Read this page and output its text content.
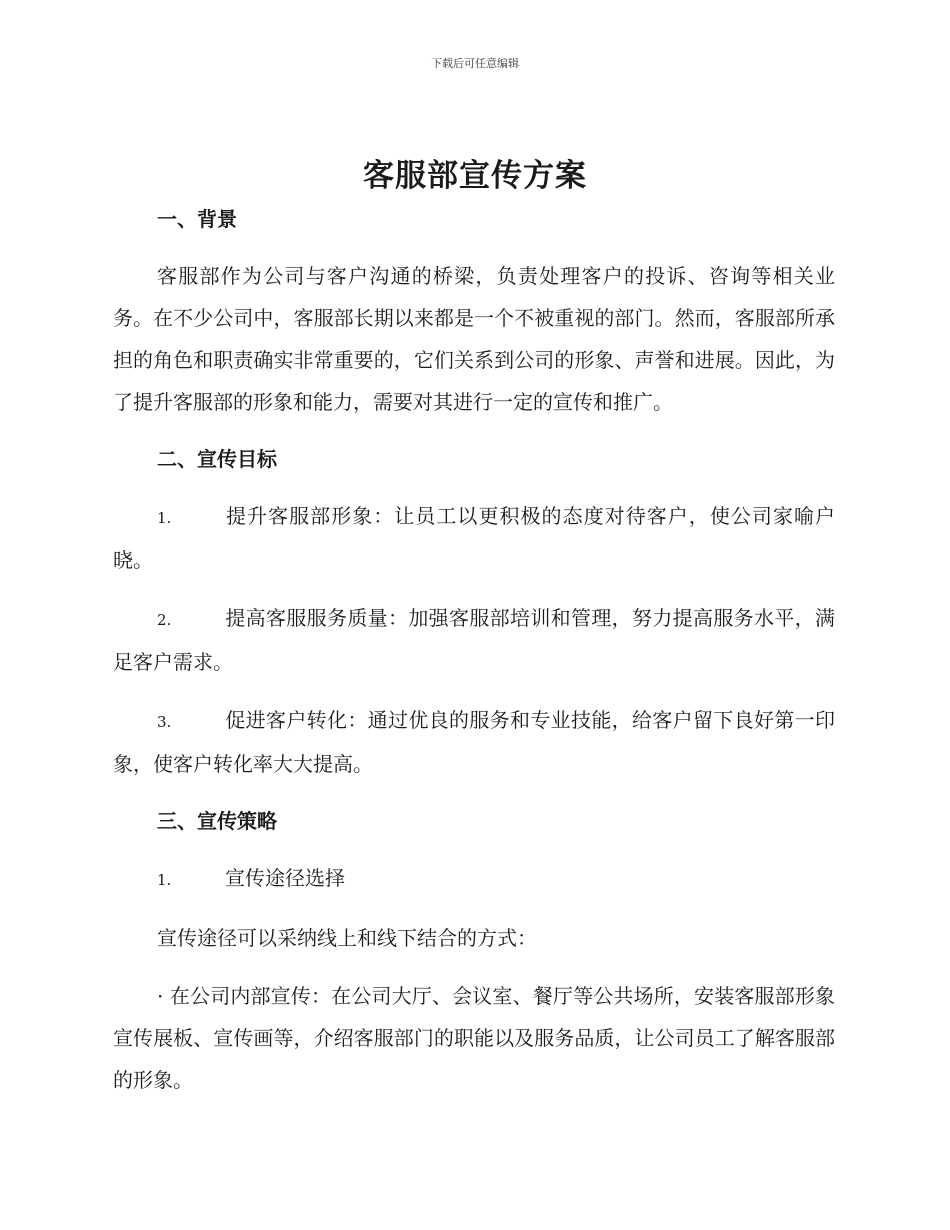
下载后可任意编辑
客服部宣传方案
一、背景

客服部作为公司与客户沟通的桥梁，负责处理客户的投诉、咨询等相关业务。在不少公司中，客服部长期以来都是一个不被重视的部门。然而，客服部所承担的角色和职责确实非常重要的，它们关系到公司的形象、声誉和进展。因此，为了提升客服部的形象和能力，需要对其进行一定的宣传和推广。

二、宣传目标

1.	提升客服部形象：让员工以更积极的态度对待客户，使公司家喻户晓。

2.	提高客服服务质量：加强客服部培训和管理，努力提高服务水平，满足客户需求。

3.	促进客户转化：通过优良的服务和专业技能，给客户留下良好第一印象，使客户转化率大大提高。

三、宣传策略

1.	宣传途径选择

宣传途径可以采纳线上和线下结合的方式：

· 在公司内部宣传：在公司大厅、会议室、餐厅等公共场所，安装客服部形象宣传展板、宣传画等，介绍客服部门的职能以及服务品质，让公司员工了解客服部的形象。
